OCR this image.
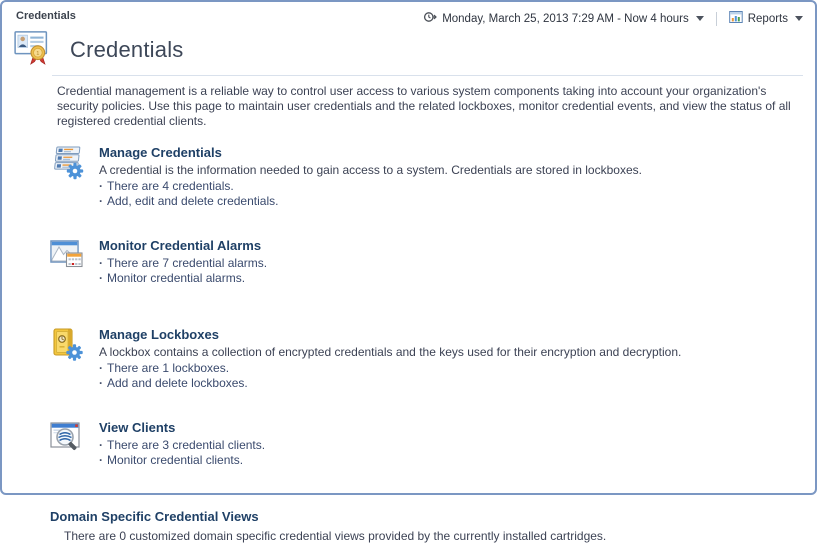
Credentials	Monday, March 25, 2013 7:29 AM - Now 4 hours	Reports
1 Credentials
Credential management is a reliable way to control user access to various system components taking into account your organization's security policies. Use this page to maintain user credentials and the related lockboxes, monitor credential events, and view the status of all registered credential clients.
Manage Credentials
A credential is the information needed to gain access to a system. Credentials are stored in lockboxes.
· There are 4 credentials.
· Add, edit and delete credentials.
Monitor Credential Alarms
· There are 7 credential alarms.
· Monitor credential alarms.
Manage Lockboxes
A lockbox contains a collection of encrypted credentials and the keys used for their encryption and decryption.
· There are 1 lockboxes.
· Add and delete lockboxes.
View Clients
· There are 3 credential clients.
· Monitor credential clients.
Domain Specific Credential Views
There are 0 customized domain specific credential views provided by the currently installed cartridges.
